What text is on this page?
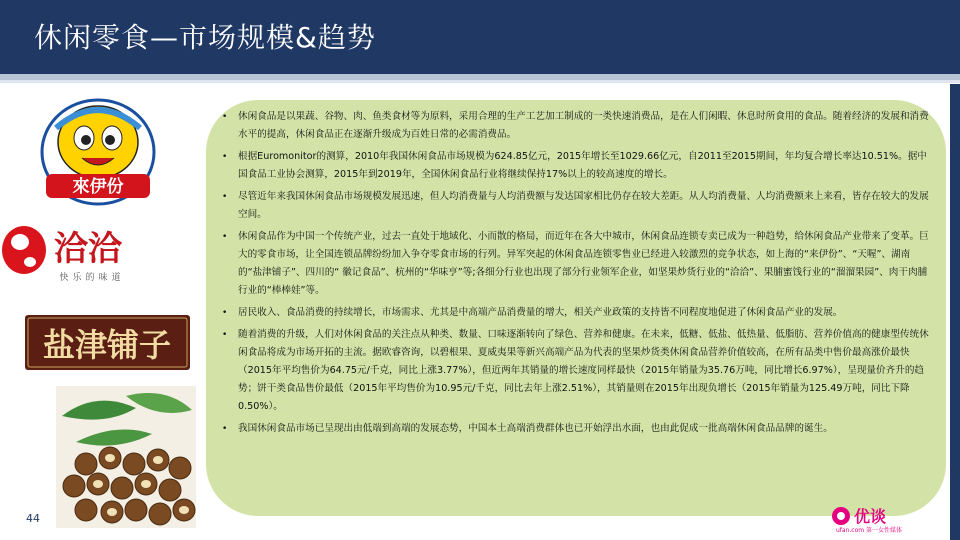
休闲零食—市场规模&趋势
來伊份
洽洽
快乐的味道
盐津铺子
• 休闲食品是以果蔬、谷物、肉、鱼类食材等为原料，采用合理的生产工艺加工制成的一类快速消费品，是在人们闲暇、休息时所食用的食品。随着经济的发展和消费水平的提高，休闲食品正在逐渐升级成为百姓日常的必需消费品。
• 根据Euromonitor的测算，2010年我国休闲食品市场规模为624.85亿元，2015年增长至1029.66亿元，自2011至2015期间，年均复合增长率达10.51%。据中国食品工业协会测算，2015年到2019年，全国休闲食品行业将继续保持17%以上的较高速度的增长。
• 尽管近年来我国休闲食品市场规模发展迅速，但人均消费量与人均消费额与发达国家相比仍存在较大差距。从人均消费量、人均消费额来上来看，皆存在较大的发展空间。
• 休闲食品作为中国一个传统产业，过去一直处于地域化、小而散的格局，而近年在各大中城市，休闲食品连锁专卖已成为一种趋势，给休闲食品产业带来了变革。巨大的零食市场，让全国连锁品牌纷纷加入争夺零食市场的行列。异军突起的休闲食品连锁零售业已经进入较激烈的竞争状态，如上海的“来伊份”、“天喔”、湖南的“盐津铺子”、四川的“ 徽记食品”、杭州的“华味亨”等;各细分行业也出现了部分行业领军企业，如坚果炒货行业的“洽洽”、果脯蜜饯行业的“溜溜果园”、肉干肉脯行业的“棒棒娃”等。
• 居民收入、食品消费的持续增长，市场需求、尤其是中高端产品消费量的增大，相关产业政策的支持皆不同程度地促进了休闲食品产业的发展。
• 随着消费的升级，人们对休闲食品的关注点从种类、数量、口味逐渐转向了绿色、营养和健康。在未来，低糖、低盐、低热量、低脂肪、营养价值高的健康型传统休闲食品将成为市场开拓的主流。据欧睿咨询，以碧根果、夏威夷果等新兴高端产品为代表的坚果炒货类休闲食品营养价值较高，在所有品类中售价最高涨价最快（2015年平均售价为64.75元/千克，同比上涨3.77%），但近两年其销量的增长速度同样最快（2015年销量为35.76万吨，同比增长6.97%），呈现量价齐升的趋势；饼干类食品售价最低（2015年平均售价为10.95元/千克，同比去年上涨2.51%），其销量则在2015年出现负增长（2015年销量为125.49万吨，同比下降0.50%）。
• 我国休闲食品市场已呈现出由低端到高端的发展态势，中国本土高端消费群体也已开始浮出水面，也由此促成一批高端休闲食品品牌的诞生。
44	优谈
ufan.com 第一女性媒体
